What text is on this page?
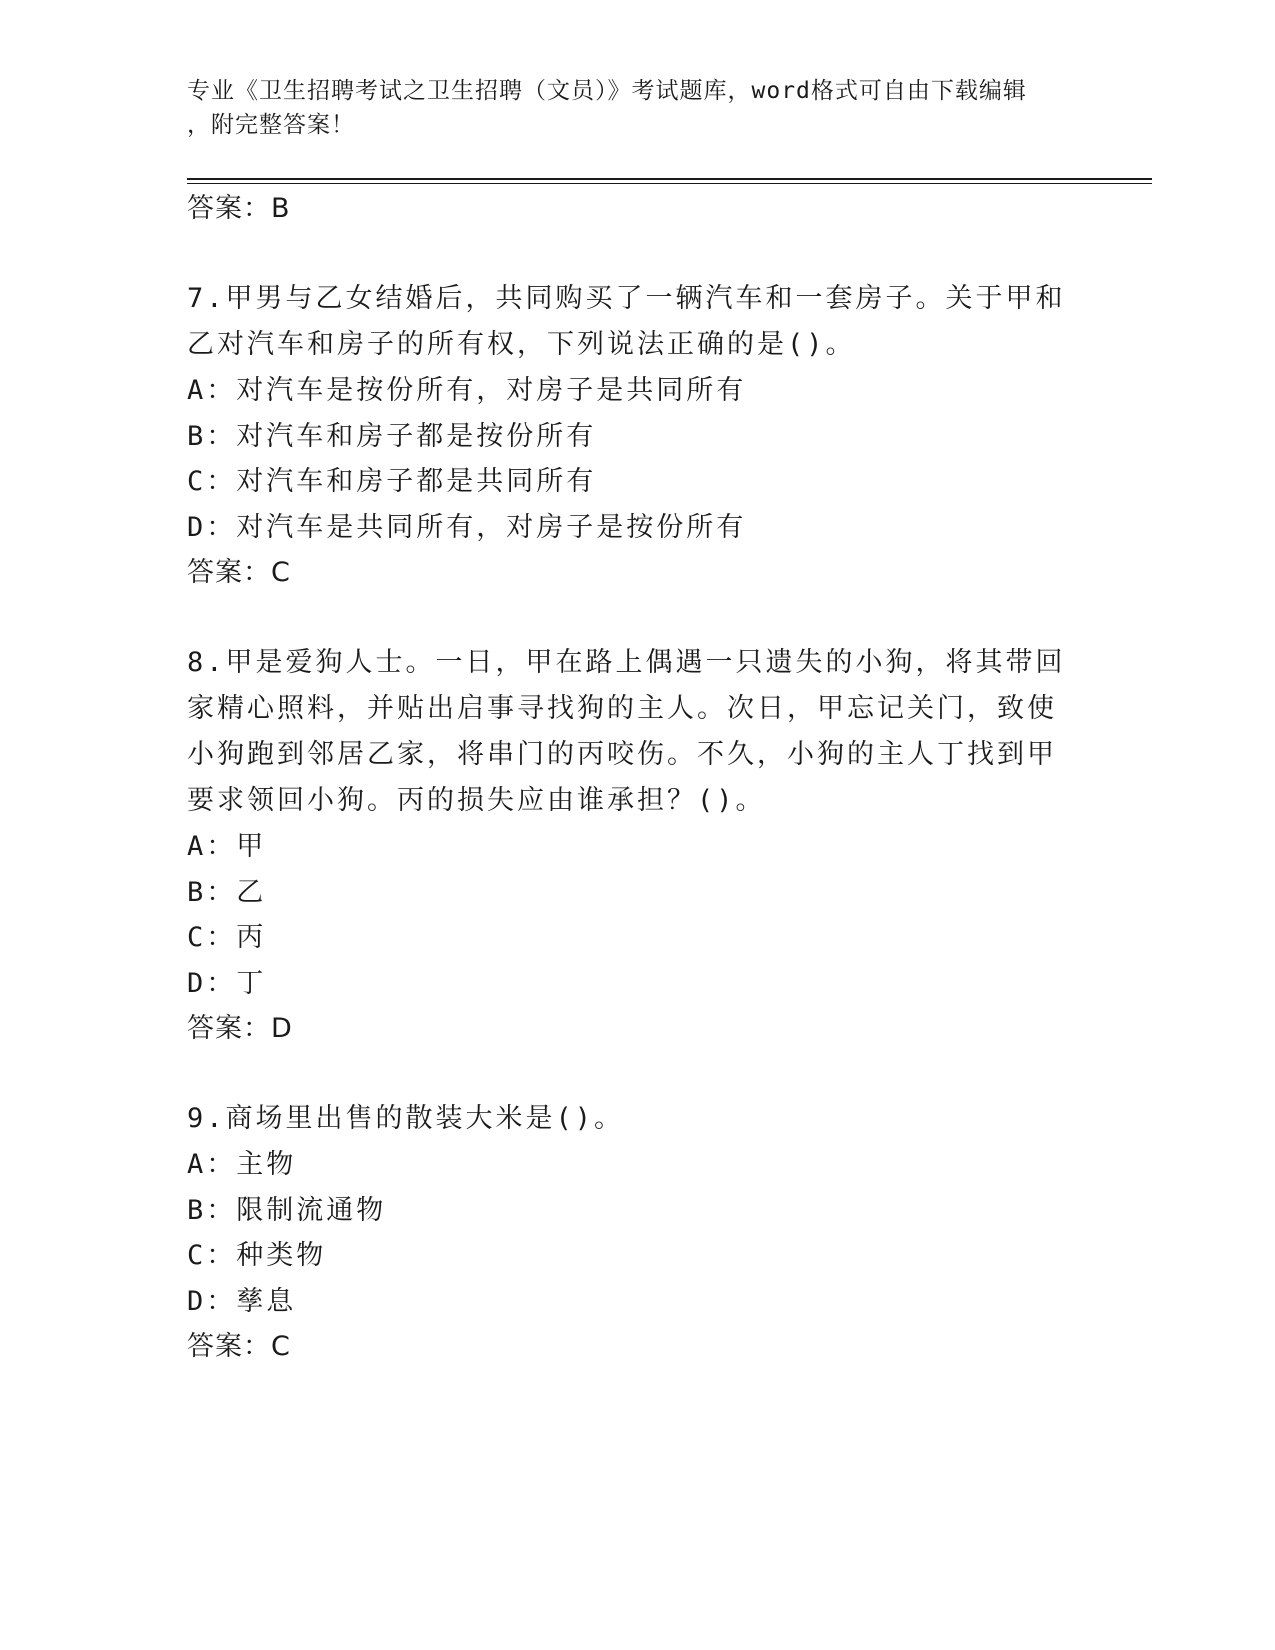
专业《卫生招聘考试之卫生招聘（文员）》考试题库，word格式可自由下载编辑
，附完整答案！

答案：B

7.甲男与乙女结婚后，共同购买了一辆汽车和一套房子。关于甲和乙对汽车和房子的所有权，下列说法正确的是()。

A：对汽车是按份所有，对房子是共同所有

B：对汽车和房子都是按份所有

C：对汽车和房子都是共同所有

D：对汽车是共同所有，对房子是按份所有

答案：C

8.甲是爱狗人士。一日，甲在路上偶遇一只遗失的小狗，将其带回家精心照料，并贴出启事寻找狗的主人。次日，甲忘记关门，致使小狗跑到邻居乙家，将串门的丙咬伤。不久，小狗的主人丁找到甲要求领回小狗。丙的损失应由谁承担？()。

A：甲

B：乙

C：丙

D：丁

答案：D

9.商场里出售的散装大米是()。

A：主物

B：限制流通物

C：种类物

D：孳息

答案：C
